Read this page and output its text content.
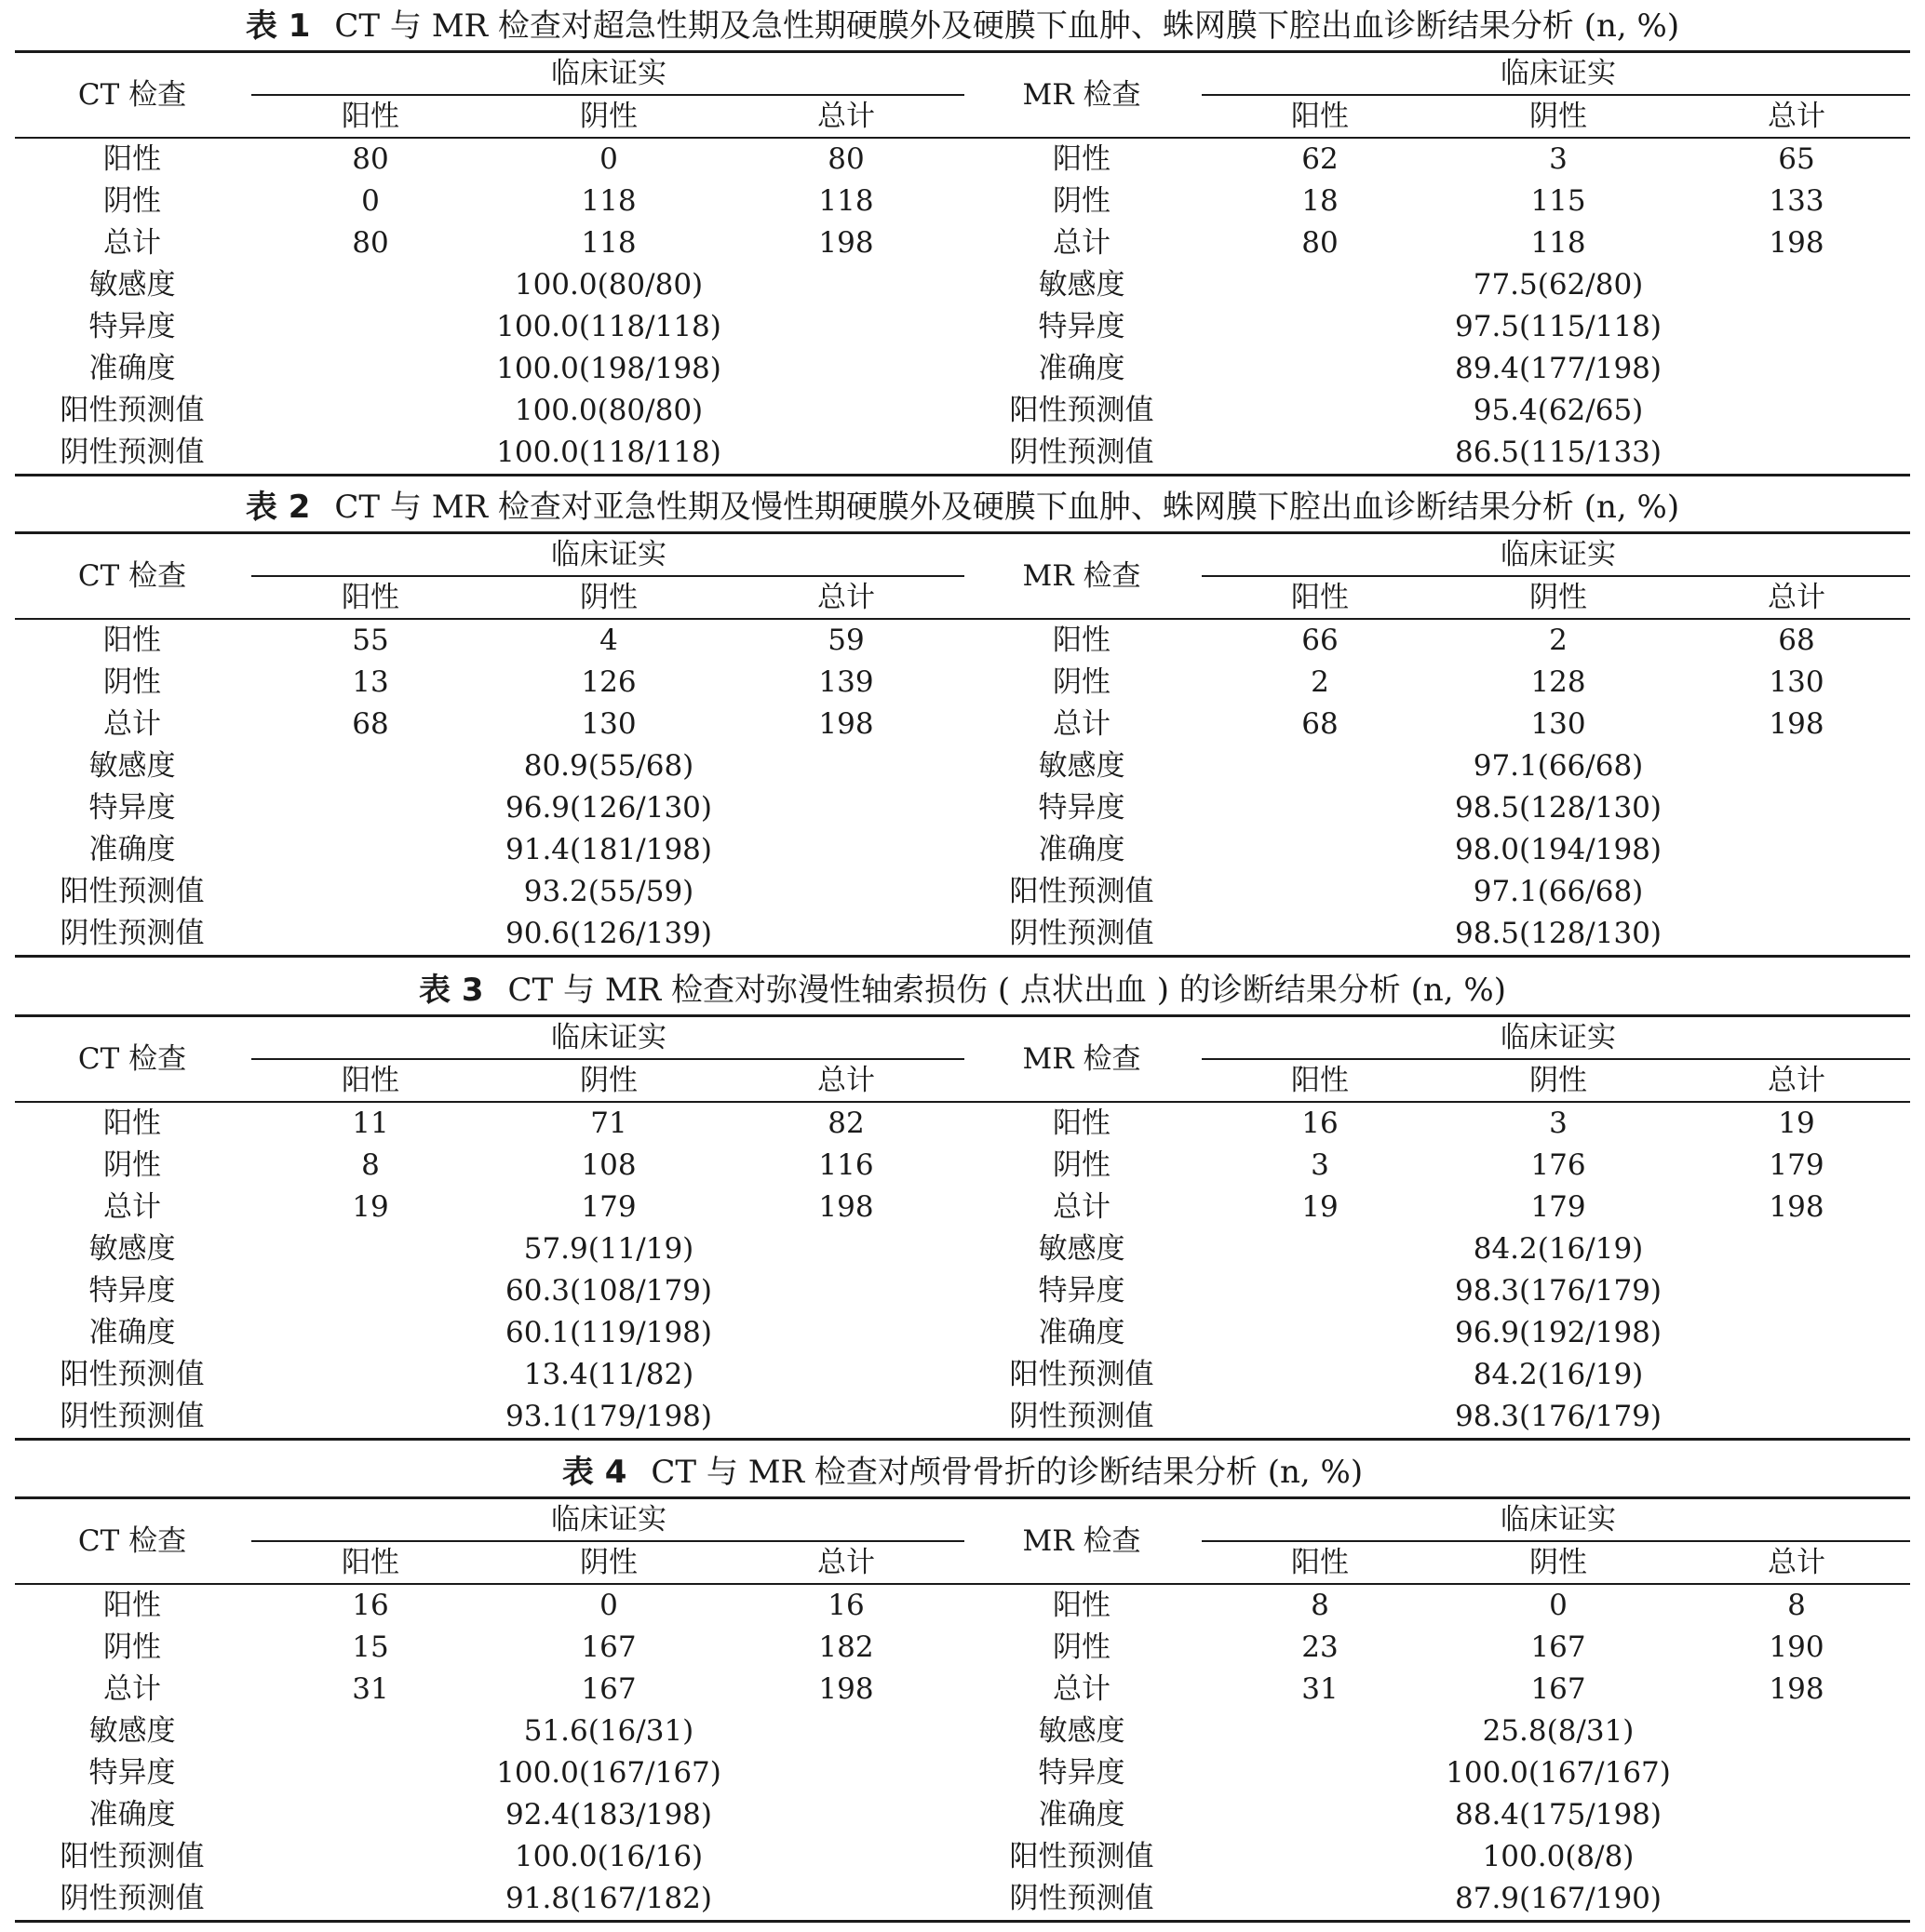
表 1 CT 与 MR 检查对超急性期及急性期硬膜外及硬膜下血肿、蛛网膜下腔出血诊断结果分析 (n, %)
CT 检查
临床证实
阳性	阴性	总计
MR 检查
临床证实
阳性	阴性	总计
阳性	80	0	80	阳性	62	3	65
阴性	0	118	118	阴性	18	115	133
总计	80	118	198	总计	80	118	198
敏感度	100.0(80/80)	敏感度	77.5(62/80)
特异度	100.0(118/118)	特异度	97.5(115/118)
准确度	100.0(198/198)	准确度	89.4(177/198)
阳性预测值	100.0(80/80)	阳性预测值	95.4(62/65)
阴性预测值	100.0(118/118)	阴性预测值	86.5(115/133)
表 2 CT 与 MR 检查对亚急性期及慢性期硬膜外及硬膜下血肿、蛛网膜下腔出血诊断结果分析 (n, %)
CT 检查
临床证实
阳性	阴性	总计
MR 检查
临床证实
阳性	阴性	总计
阳性	55	4	59	阳性	66	2	68
阴性	13	126	139	阴性	2	128	130
总计	68	130	198	总计	68	130	198
敏感度	80.9(55/68)	敏感度	97.1(66/68)
特异度	96.9(126/130)	特异度	98.5(128/130)
准确度	91.4(181/198)	准确度	98.0(194/198)
阳性预测值	93.2(55/59)	阳性预测值	97.1(66/68)
阴性预测值	90.6(126/139)	阴性预测值	98.5(128/130)
表 3 CT 与 MR 检查对弥漫性轴索损伤 ( 点状出血 ) 的诊断结果分析 (n, %)
CT 检查
临床证实
阳性	阴性	总计
MR 检查
临床证实
阳性	阴性	总计
阳性	11	71	82	阳性	16	3	19
阴性	8	108	116	阴性	3	176	179
总计	19	179	198	总计	19	179	198
敏感度	57.9(11/19)	敏感度	84.2(16/19)
特异度	60.3(108/179)	特异度	98.3(176/179)
准确度	60.1(119/198)	准确度	96.9(192/198)
阳性预测值	13.4(11/82)	阳性预测值	84.2(16/19)
阴性预测值	93.1(179/198)	阴性预测值	98.3(176/179)
表 4 CT 与 MR 检查对颅骨骨折的诊断结果分析 (n, %)
CT 检查
临床证实
阳性	阴性	总计
MR 检查
临床证实
阳性	阴性	总计
阳性	16	0	16	阳性	8	0	8
阴性	15	167	182	阴性	23	167	190
总计	31	167	198	总计	31	167	198
敏感度	51.6(16/31)	敏感度	25.8(8/31)
特异度	100.0(167/167)	特异度	100.0(167/167)
准确度	92.4(183/198)	准确度	88.4(175/198)
阳性预测值	100.0(16/16)	阳性预测值	100.0(8/8)
阴性预测值	91.8(167/182)	阴性预测值	87.9(167/190)
